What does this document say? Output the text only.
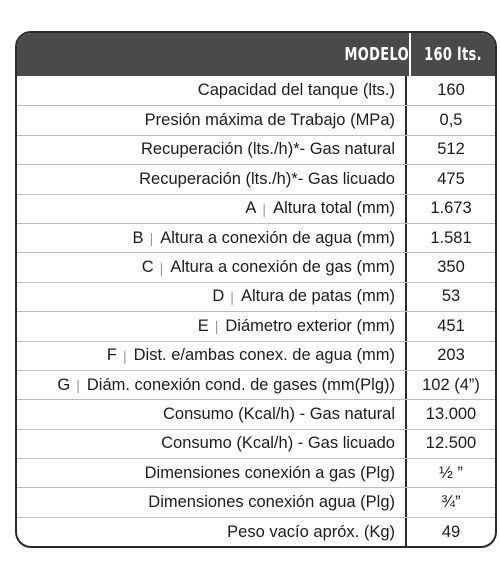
MODELO 160 lts.
Capacidad del tanque (lts.)	160
Presión máxima de Trabajo (MPa)	0,5
Recuperación (lts./h)*- Gas natural	512
Recuperación (lts./h)*- Gas licuado	475
A | Altura total (mm)	1.673
B | Altura a conexión de agua (mm)	1.581
C | Altura a conexión de gas (mm)	350
D | Altura de patas (mm)	53
E | Diámetro exterior (mm)	451
F | Dist. e/ambas conex. de agua (mm)	203
G | Diám. conexión cond. de gases (mm(Plg))	102 (4”)
Consumo (Kcal/h) - Gas natural	13.000
Consumo (Kcal/h) - Gas licuado	12.500
Dimensiones conexión a gas (Plg)	½ ”
Dimensiones conexión agua (Plg)	¾”
Peso vacío apróx. (Kg)	49
